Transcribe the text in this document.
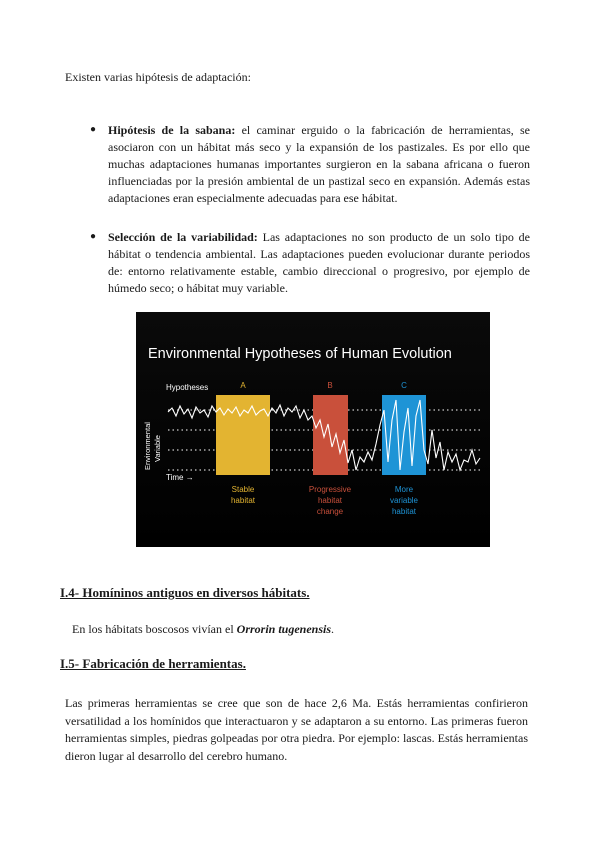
Existen varias hipótesis de adaptación:
● Hipótesis de la sabana: el caminar erguido o la fabricación de herramientas, se asociaron con un hábitat más seco y la expansión de los pastizales. Es por ello que muchas adaptaciones humanas importantes surgieron en la sabana africana o fueron influenciadas por la presión ambiental de un pastizal seco en expansión. Además estas adaptaciones eran especialmente adecuadas para ese hábitat.
● Selección de la variabilidad: Las adaptaciones no son producto de un solo tipo de hábitat o tendencia ambiental. Las adaptaciones pueden evolucionar durante periodos de: entorno relativamente estable, cambio direccional o progresivo, por ejemplo de húmedo seco; o hábitat muy variable.
Environmental Hypotheses of Human Evolution
Hypotheses
Environmental Variable
A	B	C
Time →
Stable
habitat
Progressive
habitat
change
More
variable
habitat
I.4- Homíninos antiguos en diversos hábitats.
En los hábitats boscosos vivían el Orrorin tugenensis.
I.5- Fabricación de herramientas.
Las primeras herramientas se cree que son de hace 2,6 Ma. Estás herramientas confirieron versatilidad a los homínidos que interactuaron y se adaptaron a su entorno. Las primeras fueron herramientas simples, piedras golpeadas por otra piedra. Por ejemplo: lascas. Estás herramientas dieron lugar al desarrollo del cerebro humano.
